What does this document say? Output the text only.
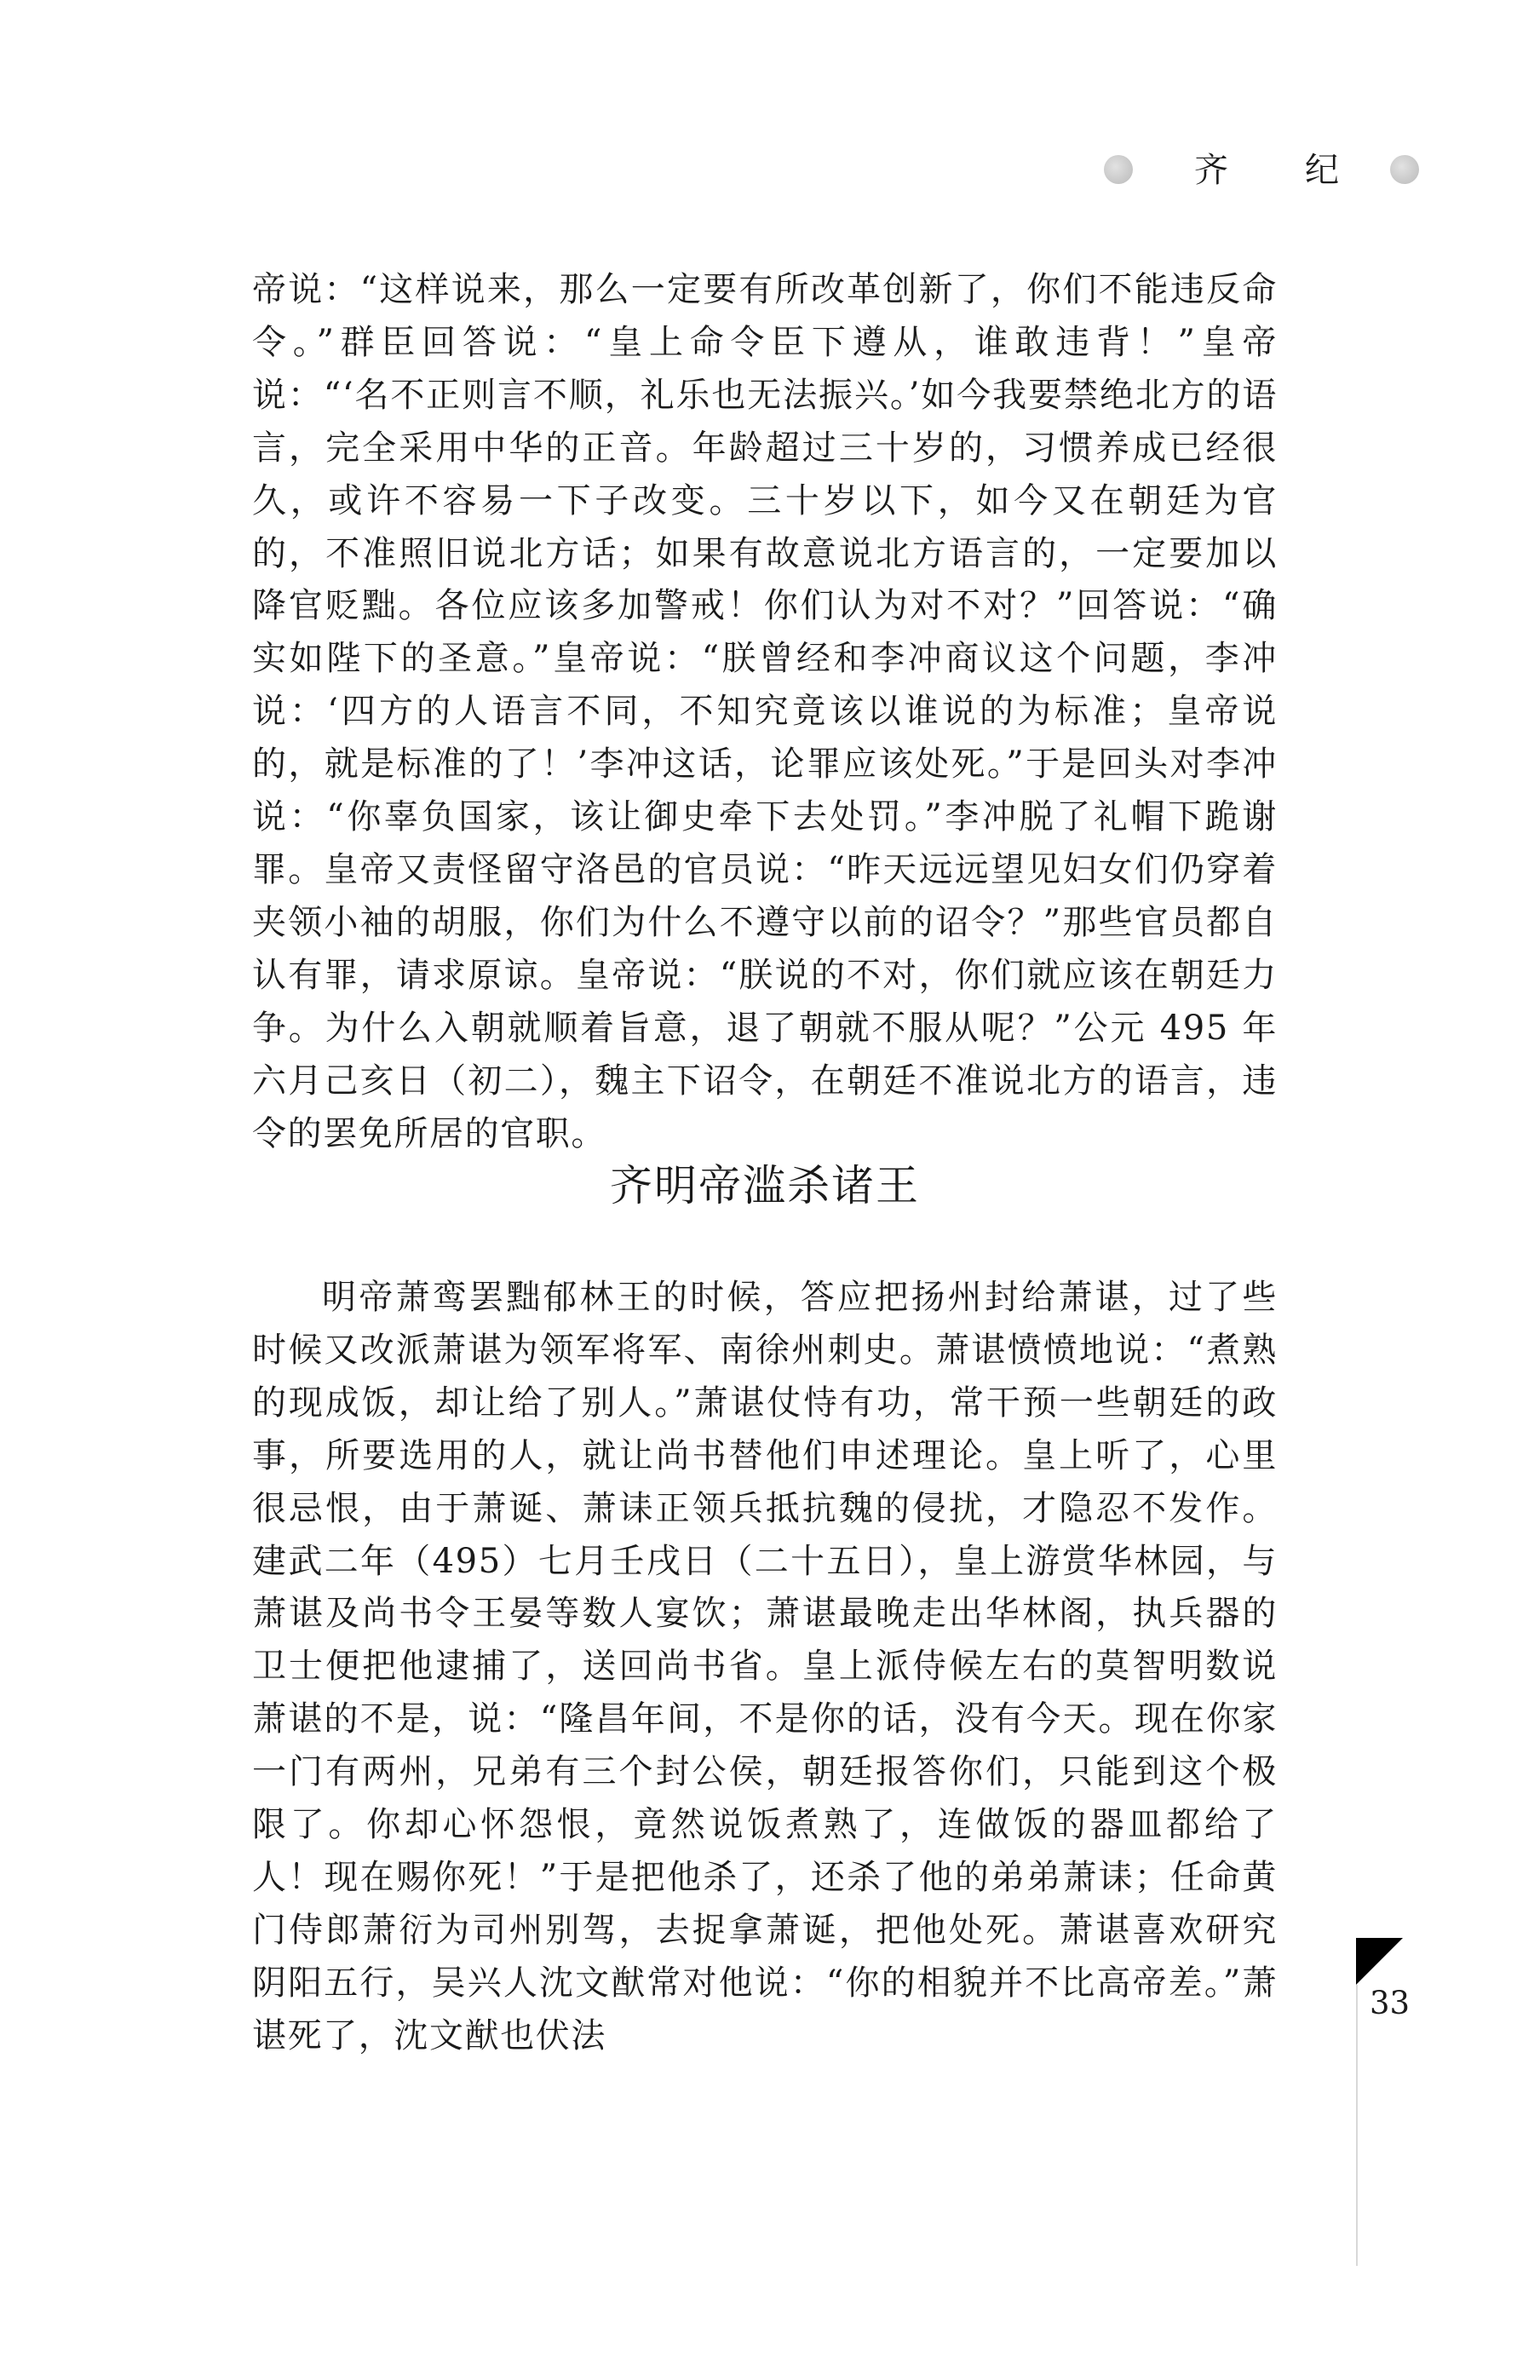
齐 纪

帝说：“这样说来，那么一定要有所改革创新了，你们不能违反命令。”群臣回答说：“皇上命令臣下遵从，谁敢违背！”皇帝说：“‘名不正则言不顺，礼乐也无法振兴。’如今我要禁绝北方的语言，完全采用中华的正音。年龄超过三十岁的，习惯养成已经很久，或许不容易一下子改变。三十岁以下，如今又在朝廷为官的，不准照旧说北方话；如果有故意说北方语言的，一定要加以降官贬黜。各位应该多加警戒！你们认为对不对？”回答说：“确实如陛下的圣意。”皇帝说：“朕曾经和李冲商议这个问题，李冲说：‘四方的人语言不同，不知究竟该以谁说的为标准；皇帝说的，就是标准的了！’李冲这话，论罪应该处死。”于是回头对李冲说：“你辜负国家，该让御史牵下去处罚。”李冲脱了礼帽下跪谢罪。皇帝又责怪留守洛邑的官员说：“昨天远远望见妇女们仍穿着夹领小袖的胡服，你们为什么不遵守以前的诏令？”那些官员都自认有罪，请求原谅。皇帝说：“朕说的不对，你们就应该在朝廷力争。为什么入朝就顺着旨意，退了朝就不服从呢？”公元 495 年六月己亥日（初二），魏主下诏令，在朝廷不准说北方的语言，违令的罢免所居的官职。

齐明帝滥杀诸王

明帝萧鸾罢黜郁林王的时候，答应把扬州封给萧谌，过了些时候又改派萧谌为领军将军、南徐州刺史。萧谌愤愤地说：“煮熟的现成饭，却让给了别人。”萧谌仗恃有功，常干预一些朝廷的政事，所要选用的人，就让尚书替他们申述理论。皇上听了，心里很忌恨，由于萧诞、萧诔正领兵抵抗魏的侵扰，才隐忍不发作。建武二年（495）七月壬戌日（二十五日），皇上游赏华林园，与萧谌及尚书令王晏等数人宴饮；萧谌最晚走出华林阁，执兵器的卫士便把他逮捕了，送回尚书省。皇上派侍候左右的莫智明数说萧谌的不是，说：“隆昌年间，不是你的话，没有今天。现在你家一门有两州，兄弟有三个封公侯，朝廷报答你们，只能到这个极限了。你却心怀怨恨，竟然说饭煮熟了，连做饭的器皿都给了人！现在赐你死！”于是把他杀了，还杀了他的弟弟萧诔；任命黄门侍郎萧衍为司州别驾，去捉拿萧诞，把他处死。萧谌喜欢研究阴阳五行，吴兴人沈文猷常对他说：“你的相貌并不比高帝差。”萧谌死了，沈文猷也伏法

33
